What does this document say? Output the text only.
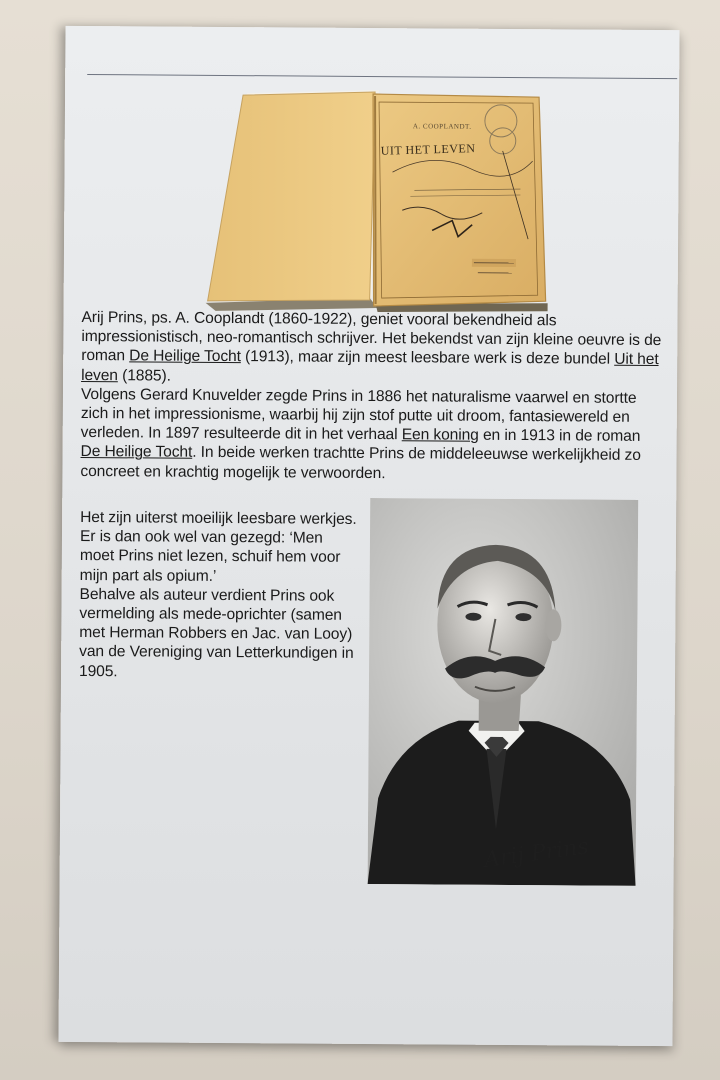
A. COOPLANDT.
UIT HET LEVEN
Arij Prins, ps. A. Cooplandt (1860-1922), geniet vooral bekendheid als impressionistisch, neo-romantisch schrijver. Het bekendst van zijn kleine oeuvre is de roman De Heilige Tocht (1913), maar zijn meest leesbare werk is deze bundel Uit het leven (1885).
Volgens Gerard Knuvelder zegde Prins in 1886 het naturalisme vaarwel en stortte zich in het impressionisme, waarbij hij zijn stof putte uit droom, fantasiewereld en verleden. In 1897 resulteerde dit in het verhaal Een koning en in 1913 in de roman De Heilige Tocht. In beide werken trachtte Prins de middeleeuwse werkelijkheid zo concreet en krachtig mogelijk te verwoorden.
Het zijn uiterst moeilijk leesbare werkjes. Er is dan ook wel van gezegd: ‘Men moet Prins niet lezen, schuif hem voor mijn part als opium.’
Behalve als auteur verdient Prins ook vermelding als mede-oprichter (samen met Herman Robbers en Jac. van Looy) van de Vereniging van Letterkundigen in 1905.
Arij Prins
